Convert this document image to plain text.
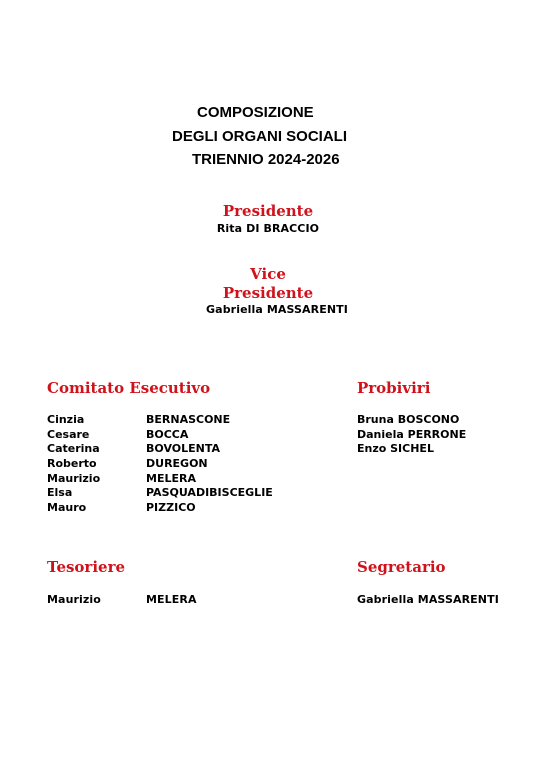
COMPOSIZIONE
DEGLI ORGANI SOCIALI
TRIENNIO 2024-2026
Presidente
Rita DI BRACCIO
Vice
Presidente
Gabriella MASSARENTI
Comitato Esecutivo
Cinzia	BERNASCONE
Cesare	BOCCA
Caterina	BOVOLENTA
Roberto	DUREGON
Maurizio	MELERA
Elsa	PASQUADIBISCEGLIE
Mauro	PIZZICO
Probiviri
Bruna BOSCONO
Daniela PERRONE
Enzo SICHEL
Tesoriere
Maurizio	MELERA
Segretario
Gabriella MASSARENTI
